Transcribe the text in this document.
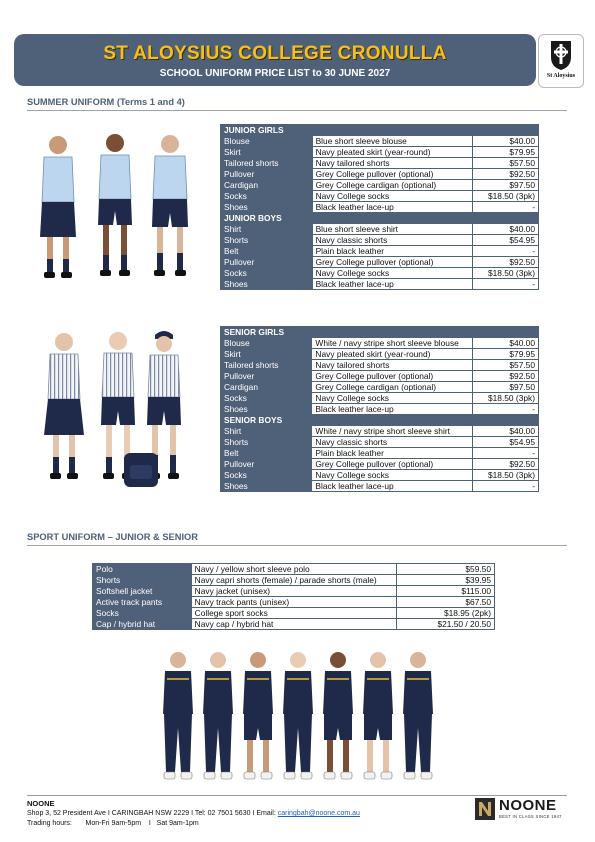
ST ALOYSIUS COLLEGE CRONULLA
SCHOOL UNIFORM PRICE LIST to 30 JUNE 2027	St Aloysius
SUMMER UNIFORM (Terms 1 and 4)
JUNIOR GIRLS		
Blouse	Blue short sleeve blouse	$40.00
Skirt	Navy pleated skirt (year-round)	$79.95
Tailored shorts	Navy tailored shorts	$57.50
Pullover	Grey College pullover (optional)	$92.50
Cardigan	Grey College cardigan (optional)	$97.50
Socks	Navy College socks	$18.50 (3pk)
Shoes	Black leather lace-up	-
JUNIOR BOYS		
Shirt	Blue short sleeve shirt	$40.00
Shorts	Navy classic shorts	$54.95
Belt	Plain black leather	-
Pullover	Grey College pullover (optional)	$92.50
Socks	Navy College socks	$18.50 (3pk)
Shoes	Black leather lace-up	-
SENIOR GIRLS		
Blouse	White / navy stripe short sleeve blouse	$40.00
Skirt	Navy pleated skirt (year-round)	$79.95
Tailored shorts	Navy tailored shorts	$57.50
Pullover	Grey College pullover (optional)	$92.50
Cardigan	Grey College cardigan (optional)	$97.50
Socks	Navy College socks	$18.50 (3pk)
Shoes	Black leather lace-up	-
SENIOR BOYS		
Shirt	White / navy stripe short sleeve shirt	$40.00
Shorts	Navy classic shorts	$54.95
Belt	Plain black leather	-
Pullover	Grey College pullover (optional)	$92.50
Socks	Navy College socks	$18.50 (3pk)
Shoes	Black leather lace-up	-
SPORT UNIFORM – JUNIOR & SENIOR
Polo	Navy / yellow short sleeve polo	$59.50
Shorts	Navy capri shorts (female) / parade shorts (male)	$39.95
Softshell jacket	Navy jacket (unisex)	$115.00
Active track pants	Navy track pants (unisex)	$67.50
Socks	College sport socks	$18.95 (2pk)
Cap / hybrid hat	Navy cap / hybrid hat	$21.50 / 20.50
NOONE
Shop 3, 52 President Ave I CARINGBAH NSW 2229 I Tel: 02 7501 5630 I Email: caringbah@noone.com.au
Trading hours:       Mon-Fri 9am-5pm    I   Sat 9am-1pm
NOONE
BEST IN CLASS SINCE 1947
